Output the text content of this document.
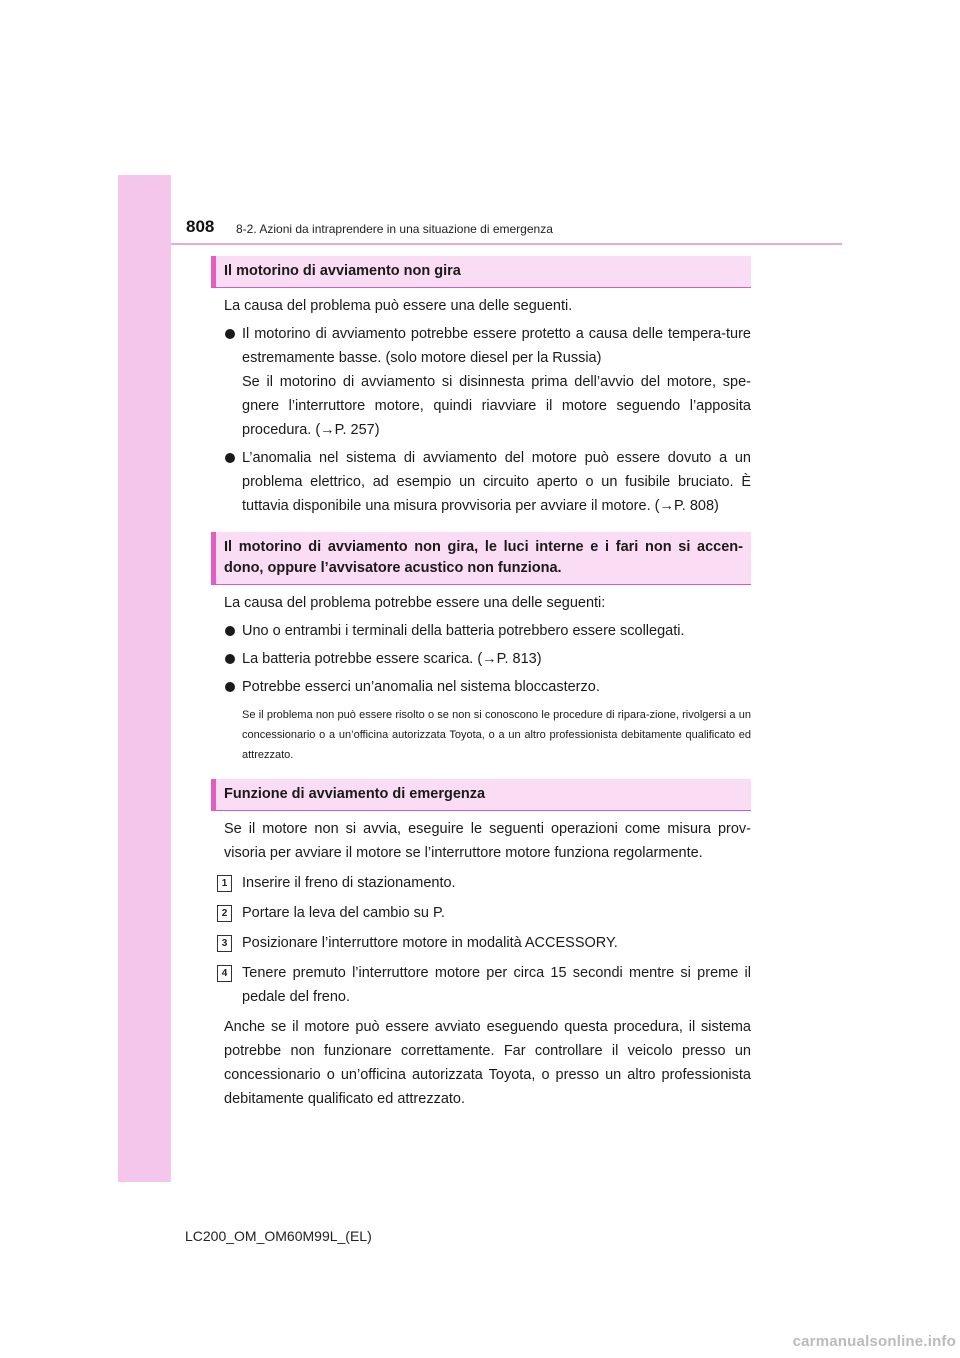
808 8-2. Azioni da intraprendere in una situazione di emergenza
Il motorino di avviamento non gira

La causa del problema può essere una delle seguenti.

Il motorino di avviamento potrebbe essere protetto a causa delle tempera-ture estremamente basse. (solo motore diesel per la Russia)

Se il motorino di avviamento si disinnesta prima dell’avvio del motore, spe-gnere l’interruttore motore, quindi riavviare il motore seguendo l’apposita procedura. (→P. 257)

L’anomalia nel sistema di avviamento del motore può essere dovuto a un problema elettrico, ad esempio un circuito aperto o un fusibile bruciato. È tuttavia disponibile una misura provvisoria per avviare il motore. (→P. 808)

Il motorino di avviamento non gira, le luci interne e i fari non si accen-dono, oppure l’avvisatore acustico non funziona.

La causa del problema potrebbe essere una delle seguenti:

Uno o entrambi i terminali della batteria potrebbero essere scollegati.

La batteria potrebbe essere scarica. (→P. 813)

Potrebbe esserci un’anomalia nel sistema bloccasterzo.

Se il problema non può essere risolto o se non si conoscono le procedure di ripara-zione, rivolgersi a un concessionario o a un’officina autorizzata Toyota, o a un altro professionista debitamente qualificato ed attrezzato.
Funzione di avviamento di emergenza

Se il motore non si avvia, eseguire le seguenti operazioni come misura prov-visoria per avviare il motore se l’interruttore motore funziona regolarmente.

1	Inserire il freno di stazionamento.
2	Portare la leva del cambio su P.
3	Posizionare l’interruttore motore in modalità ACCESSORY.
4	Tenere premuto l’interruttore motore per circa 15 secondi mentre si preme il pedale del freno.

Anche se il motore può essere avviato eseguendo questa procedura, il sistema potrebbe non funzionare correttamente. Far controllare il veicolo presso un concessionario o un’officina autorizzata Toyota, o presso un altro professionista debitamente qualificato ed attrezzato.

LC200_OM_OM60M99L_(EL)
carmanualsonline.info
